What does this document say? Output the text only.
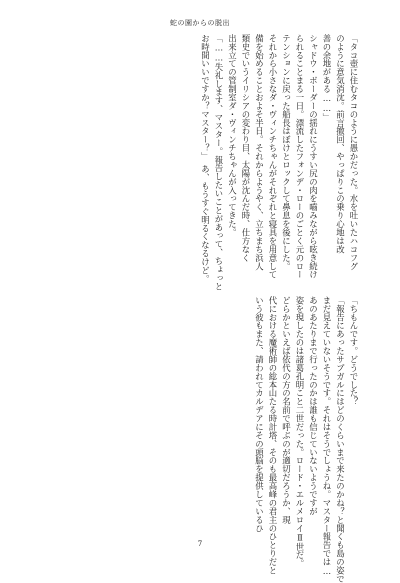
蛇の園からの脱出
「タコ壺に住むタコのように愚かだった。水を吐いたハコフグ
のように意気消沈。前言撤回、やっぱりこの乗り心地は改
善の余地がある……」
シャドウ・ボーダーの揺れにうすい尻の肉を嚙みながら呟き続け
られることまる一日。漂流したフォンデ・ローのごとく元のロー
テンションに戻った船長はぼけとロックして鼻息を後にした。
それから小さなダ・ヴィンチちゃんがそれぞれと寝具を用意して
備を始めることおよそ半日。それからようやく、立ちまち浜人
類史でいうイリシアの変わり目、太陽が沈んだ時、仕方なく
出来立ての管制室ダ・ヴィンチちゃんが入ってきた。
「……失礼します、マスター。報告したいことがあって、ちょっと
お時間いいですか？マスター？」　あ、もうすぐ明るくなるけど。
「ちもんです。どうでした？
「報告にあったサブガルにはどのくらいまで来たのかね？と聞くも島の姿で
まだ見えていないそうです。それはそうでしょうね。マスター報告では…
あのあたりまで行ったのかは誰も信じていないようですが
姿を現したのは諸葛孔明こと二世だった。ロード・エルメロイⅡ世だ。
どらかといえば依代の方の名前で呼ぶのが適切だろうか、現
代における魔術師の総本山たる時計塔、そのも最高峰の君主のひとりだと
いう彼もまた、請われてカルデアにその頭脳を提供しているひ
7
